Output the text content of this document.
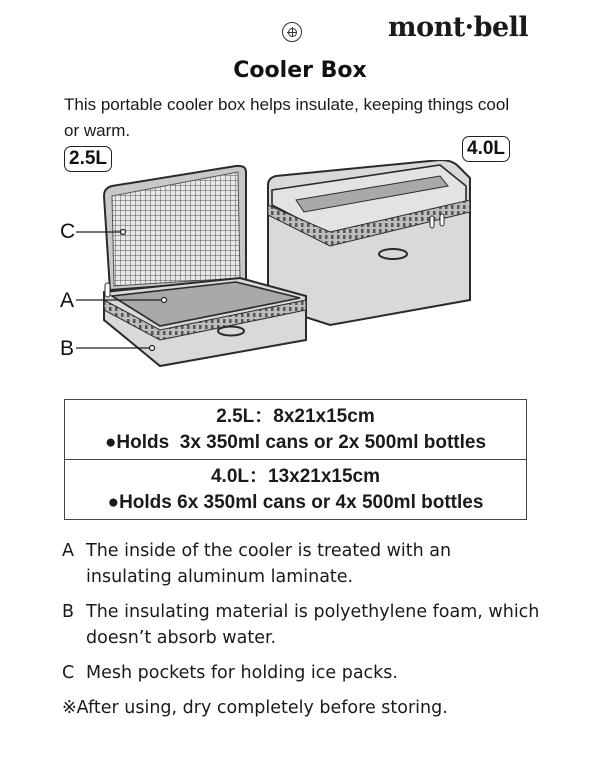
mont·bell
Cooler Box
This portable cooler box helps insulate, keeping things cool or warm.
2.5L	4.0L
C
A
B
2.5L：8x21x15cm
●Holds  3x 350ml cans or 2x 500ml bottles
4.0L：13x21x15cm
●Holds 6x 350ml cans or 4x 500ml bottles
A The inside of the cooler is treated with an insulating aluminum laminate.
B The insulating material is polyethylene foam, which doesn’t absorb water.
C Mesh pockets for holding ice packs.
※ After using, dry completely before storing.
